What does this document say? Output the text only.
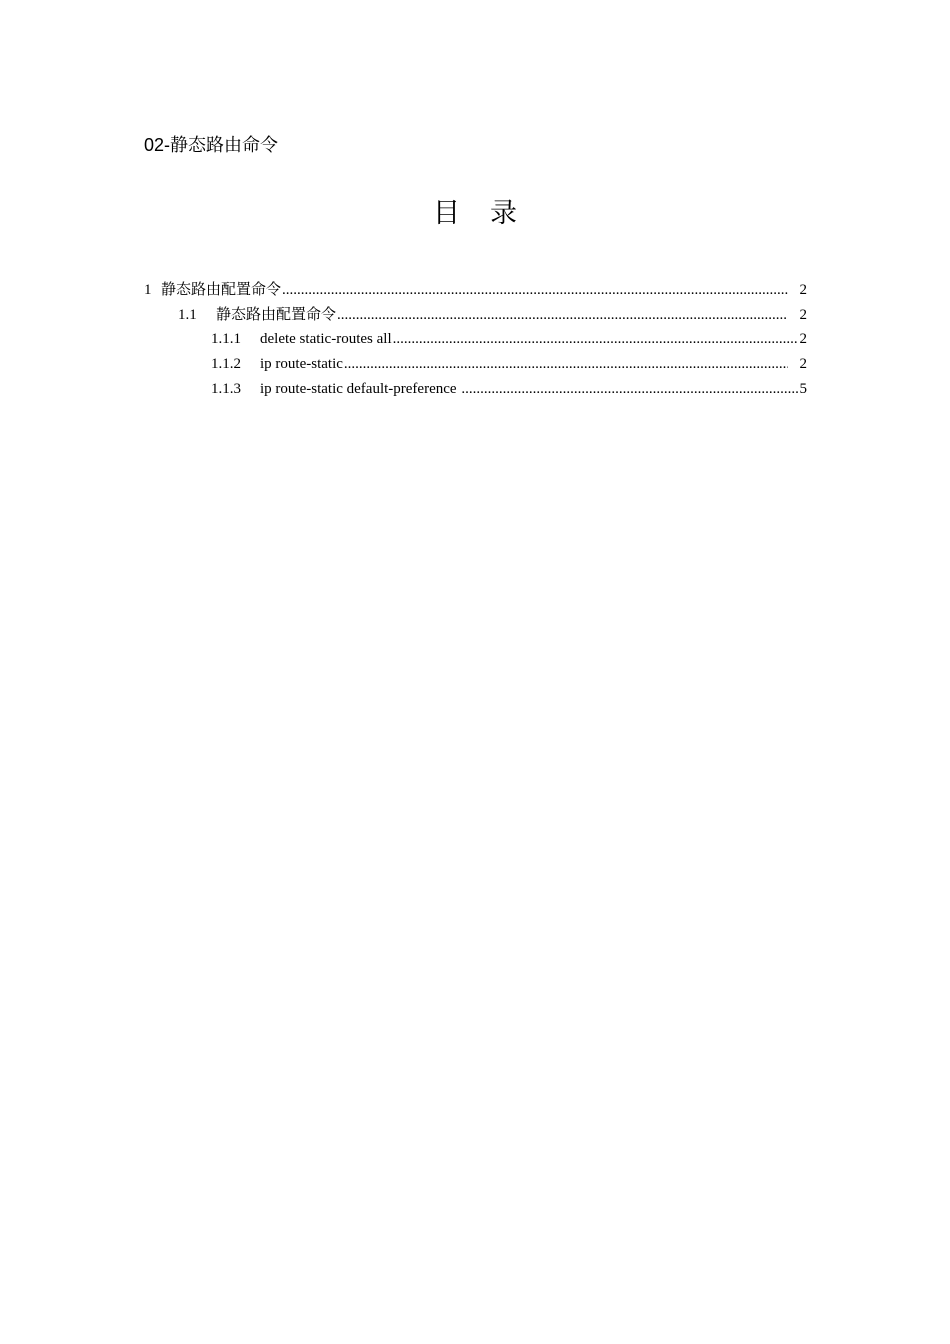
02-静态路由命令
目录
1 静态路由配置命令 .....	2
1.1	静态路由配置命令 .....	2
1.1.1	delete static-routes all .....	2
1.1.2	ip route-static .....	2
1.1.3	ip route-static default-preference .....	5
